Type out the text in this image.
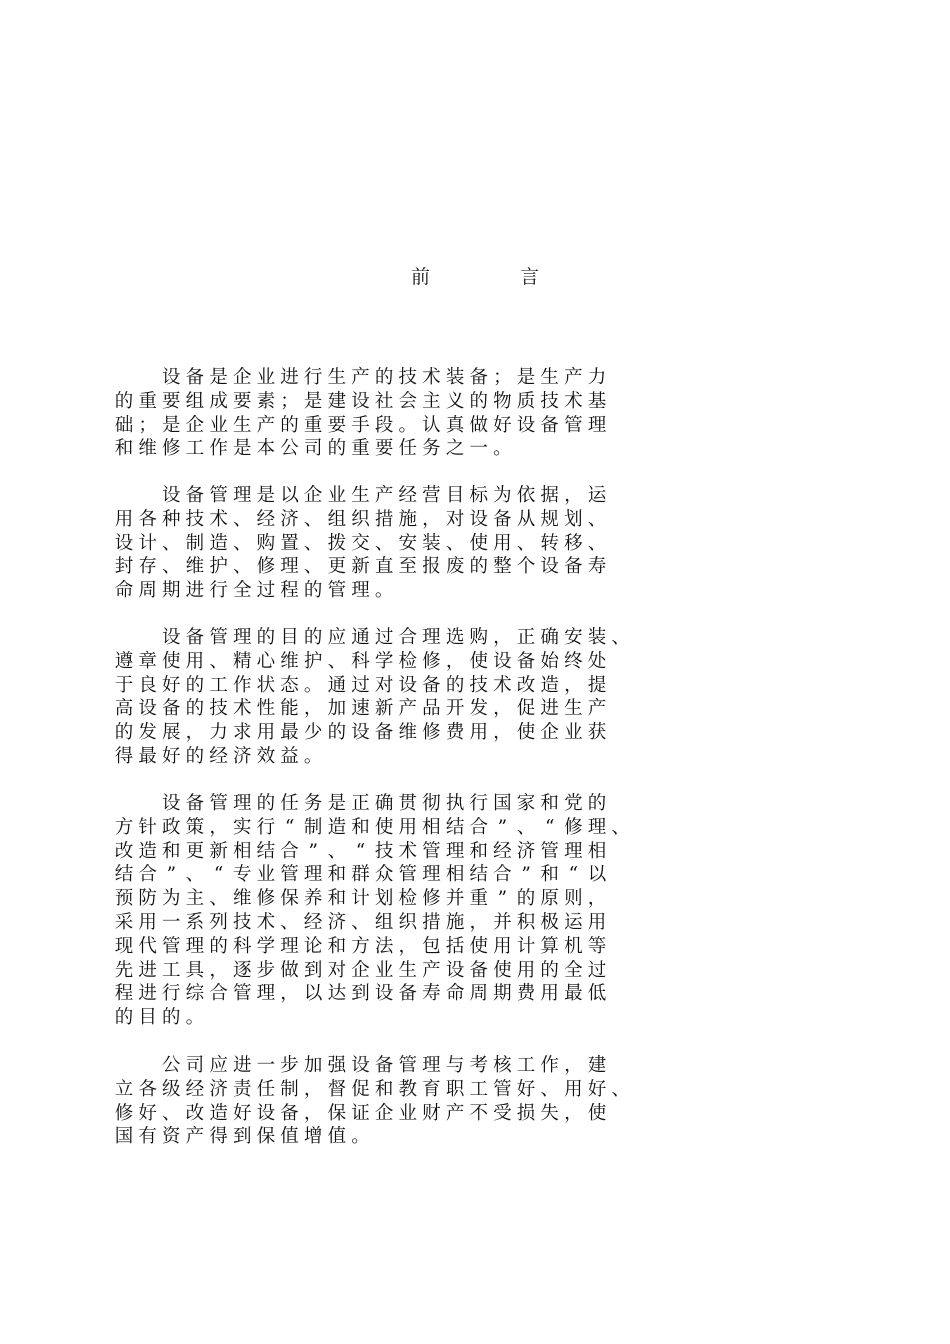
前	言
设 备 是 企 业 进 行 生 产 的 技 术 装 备 ； 是 生 产 力
的 重 要 组 成 要 素 ； 是 建 设 社 会 主 义 的 物 质 技 术 基
础 ； 是 企 业 生 产 的 重 要 手 段 。 认 真 做 好 设 备 管 理
和 维 修 工 作 是 本 公 司 的 重 要 任 务 之 一 。
设 备 管 理 是 以 企 业 生 产 经 营 目 标 为 依 据 ， 运
用 各 种 技 术 、 经 济 、 组 织 措 施 ， 对 设 备 从 规 划 、
设 计 、 制 造 、 购 置 、 拨 交 、 安 装 、 使 用 、 转 移 、
封 存 、 维 护 、 修 理 、 更 新 直 至 报 废 的 整 个 设 备 寿
命 周 期 进 行 全 过 程 的 管 理 。
设 备 管 理 的 目 的 应 通 过 合 理 选 购 ， 正 确 安 装 、
遵 章 使 用 、 精 心 维 护 、 科 学 检 修 ， 使 设 备 始 终 处
于 良 好 的 工 作 状 态 。 通 过 对 设 备 的 技 术 改 造 ， 提
高 设 备 的 技 术 性 能 ， 加 速 新 产 品 开 发 ， 促 进 生 产
的 发 展 ， 力 求 用 最 少 的 设 备 维 修 费 用 ， 使 企 业 获
得 最 好 的 经 济 效 益 。
设 备 管 理 的 任 务 是 正 确 贯 彻 执 行 国 家 和 党 的
方 针 政 策 ， 实 行 “ 制 造 和 使 用 相 结 合 ” 、 “ 修 理 、
改 造 和 更 新 相 结 合 ” 、 “ 技 术 管 理 和 经 济 管 理 相
结 合 ” 、 “ 专 业 管 理 和 群 众 管 理 相 结 合 ” 和 “ 以
预 防 为 主 、 维 修 保 养 和 计 划 检 修 并 重 ” 的 原 则 ，
采 用 一 系 列 技 术 、 经 济 、 组 织 措 施 ， 并 积 极 运 用
现 代 管 理 的 科 学 理 论 和 方 法 ， 包 括 使 用 计 算 机 等
先 进 工 具 ， 逐 步 做 到 对 企 业 生 产 设 备 使 用 的 全 过
程 进 行 综 合 管 理 ， 以 达 到 设 备 寿 命 周 期 费 用 最 低
的 目 的 。
公 司 应 进 一 步 加 强 设 备 管 理 与 考 核 工 作 ， 建
立 各 级 经 济 责 任 制 ， 督 促 和 教 育 职 工 管 好 、 用 好 、
修 好 、 改 造 好 设 备 ， 保 证 企 业 财 产 不 受 损 失 ， 使
国 有 资 产 得 到 保 值 增 值 。
